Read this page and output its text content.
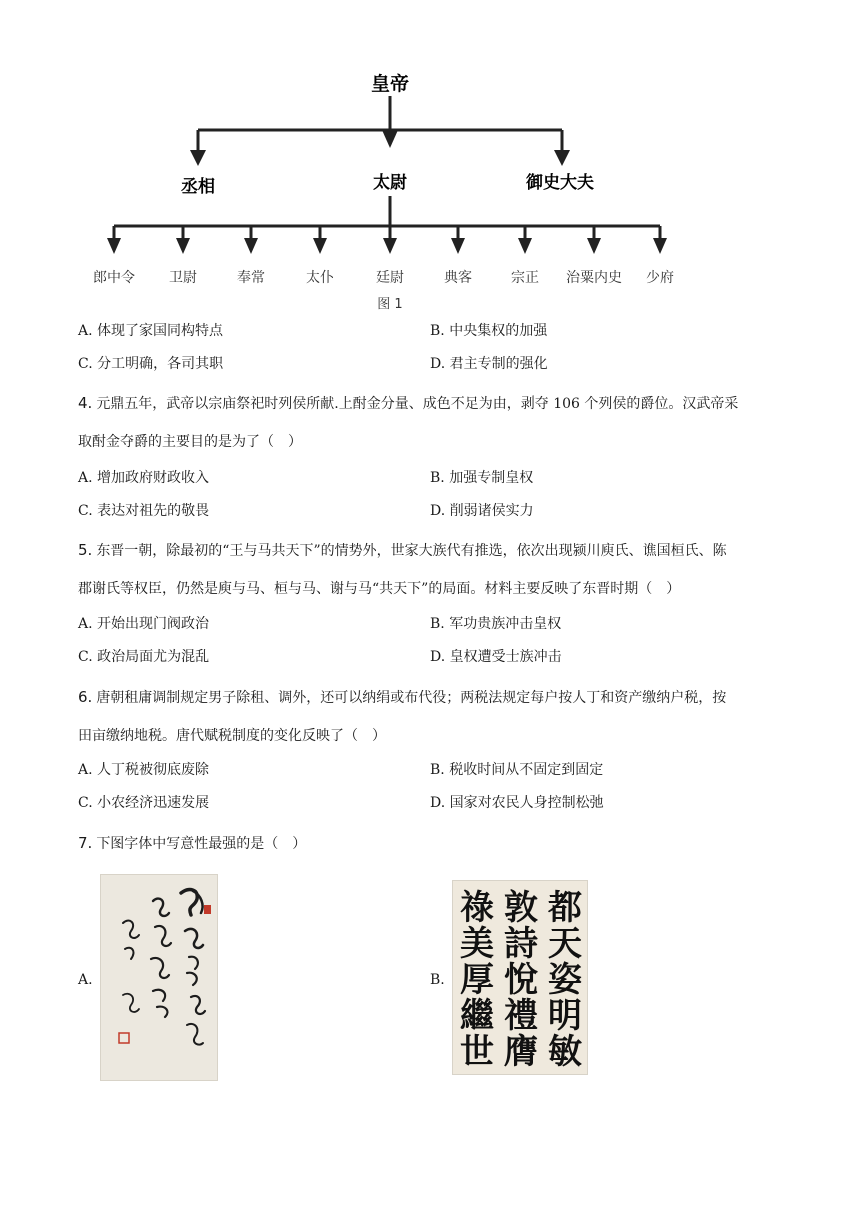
皇帝
丞相	太尉	御史大夫
郎中令 卫尉	奉常	太仆	廷尉	典客	宗正 治粟内史 少府
图 1
A. 体现了家国同构特点	B. 中央集权的加强
C. 分工明确，各司其职	D. 君主专制的强化
4. 元鼎五年，武帝以宗庙祭祀时列侯所献.上酎金分量、成色不足为由，剥夺 106 个列侯的爵位。汉武帝采
取酎金夺爵的主要目的是为了（　）
A. 增加政府财政收入	B. 加强专制皇权
C. 表达对祖先的敬畏	D. 削弱诸侯实力
5. 东晋一朝，除最初的“王与马共天下”的情势外，世家大族代有推选，依次出现颍川庾氏、谯国桓氏、陈
郡谢氏等权臣，仍然是庾与马、桓与马、谢与马“共天下”的局面。材料主要反映了东晋时期（　）
A. 开始出现门阀政治	B. 军功贵族冲击皇权
C. 政治局面尤为混乱	D. 皇权遭受士族冲击
6. 唐朝租庸调制规定男子除租、调外，还可以纳绢或布代役；两税法规定每户按人丁和资产缴纳户税，按
田亩缴纳地税。唐代赋税制度的变化反映了（　）
A. 人丁税被彻底废除	B. 税收时间从不固定到固定
C. 小农经济迅速发展	D. 国家对农民人身控制松弛
7. 下图字体中写意性最强的是（　）
A.	B.
都
天
姿
明
敏
敦
詩
悅
禮
膺
祿
美
厚
繼
世
